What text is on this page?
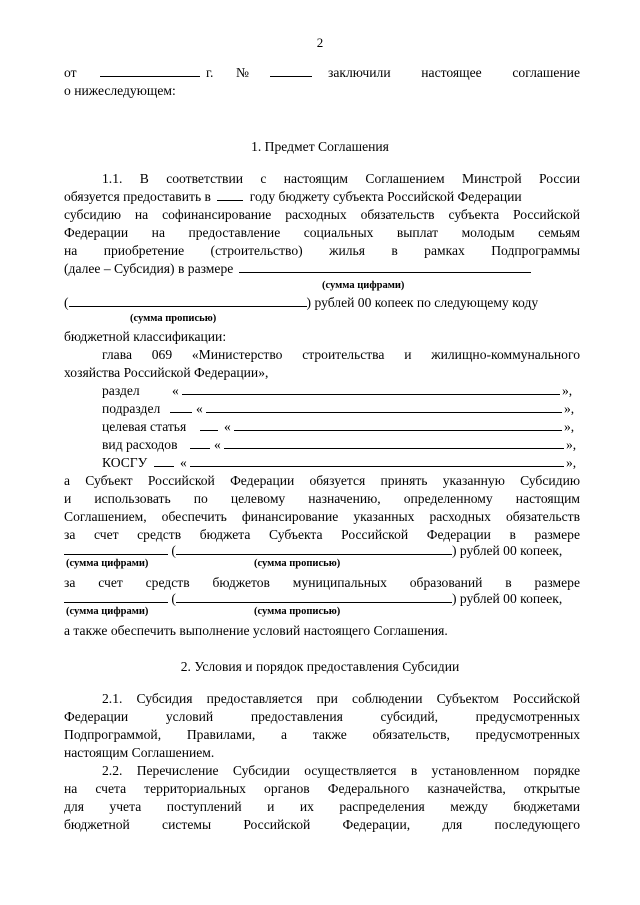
2
от	г. №	заключили настоящее соглашение
о нижеследующем:
1. Предмет Соглашения
1.1. В соответствии с настоящим Соглашением Минстрой России
обязуется предоставить в	году бюджету субъекта Российской Федерации
субсидию на софинансирование расходных обязательств субъекта Российской
Федерации на предоставление социальных выплат молодым семьям
на приобретение (строительство) жилья в рамках Подпрограммы
(далее – Субсидия) в размере
(сумма цифрами)
(	) рублей 00 копеек по следующему коду
(сумма прописью)
бюджетной классификации:
глава 069 «Министерство строительства и жилищно-коммунального
хозяйства Российской Федерации»,
раздел «	»,
подраздел	«	»,
целевая статья	«	»,
вид расходов	«	»,
КОСГУ «	»,
а Субъект Российской Федерации обязуется принять указанную Субсидию
и использовать по целевому назначению, определенному настоящим
Соглашением, обеспечить финансирование указанных расходных обязательств
за счет средств бюджета Субъекта Российской Федерации в размере
(	) рублей 00 копеек,
(сумма цифрами)	(сумма прописью)
за счет средств бюджетов муниципальных образований в размере
(	) рублей 00 копеек,
(сумма цифрами)	(сумма прописью)
а также обеспечить выполнение условий настоящего Соглашения.
2. Условия и порядок предоставления Субсидии
2.1. Субсидия предоставляется при соблюдении Субъектом Российской
Федерации условий предоставления субсидий, предусмотренных
Подпрограммой, Правилами, а также обязательств, предусмотренных
настоящим Соглашением.
2.2. Перечисление Субсидии осуществляется в установленном порядке
на счета территориальных органов Федерального казначейства, открытые
для учета поступлений и их распределения между бюджетами
бюджетной системы Российской Федерации, для последующего
